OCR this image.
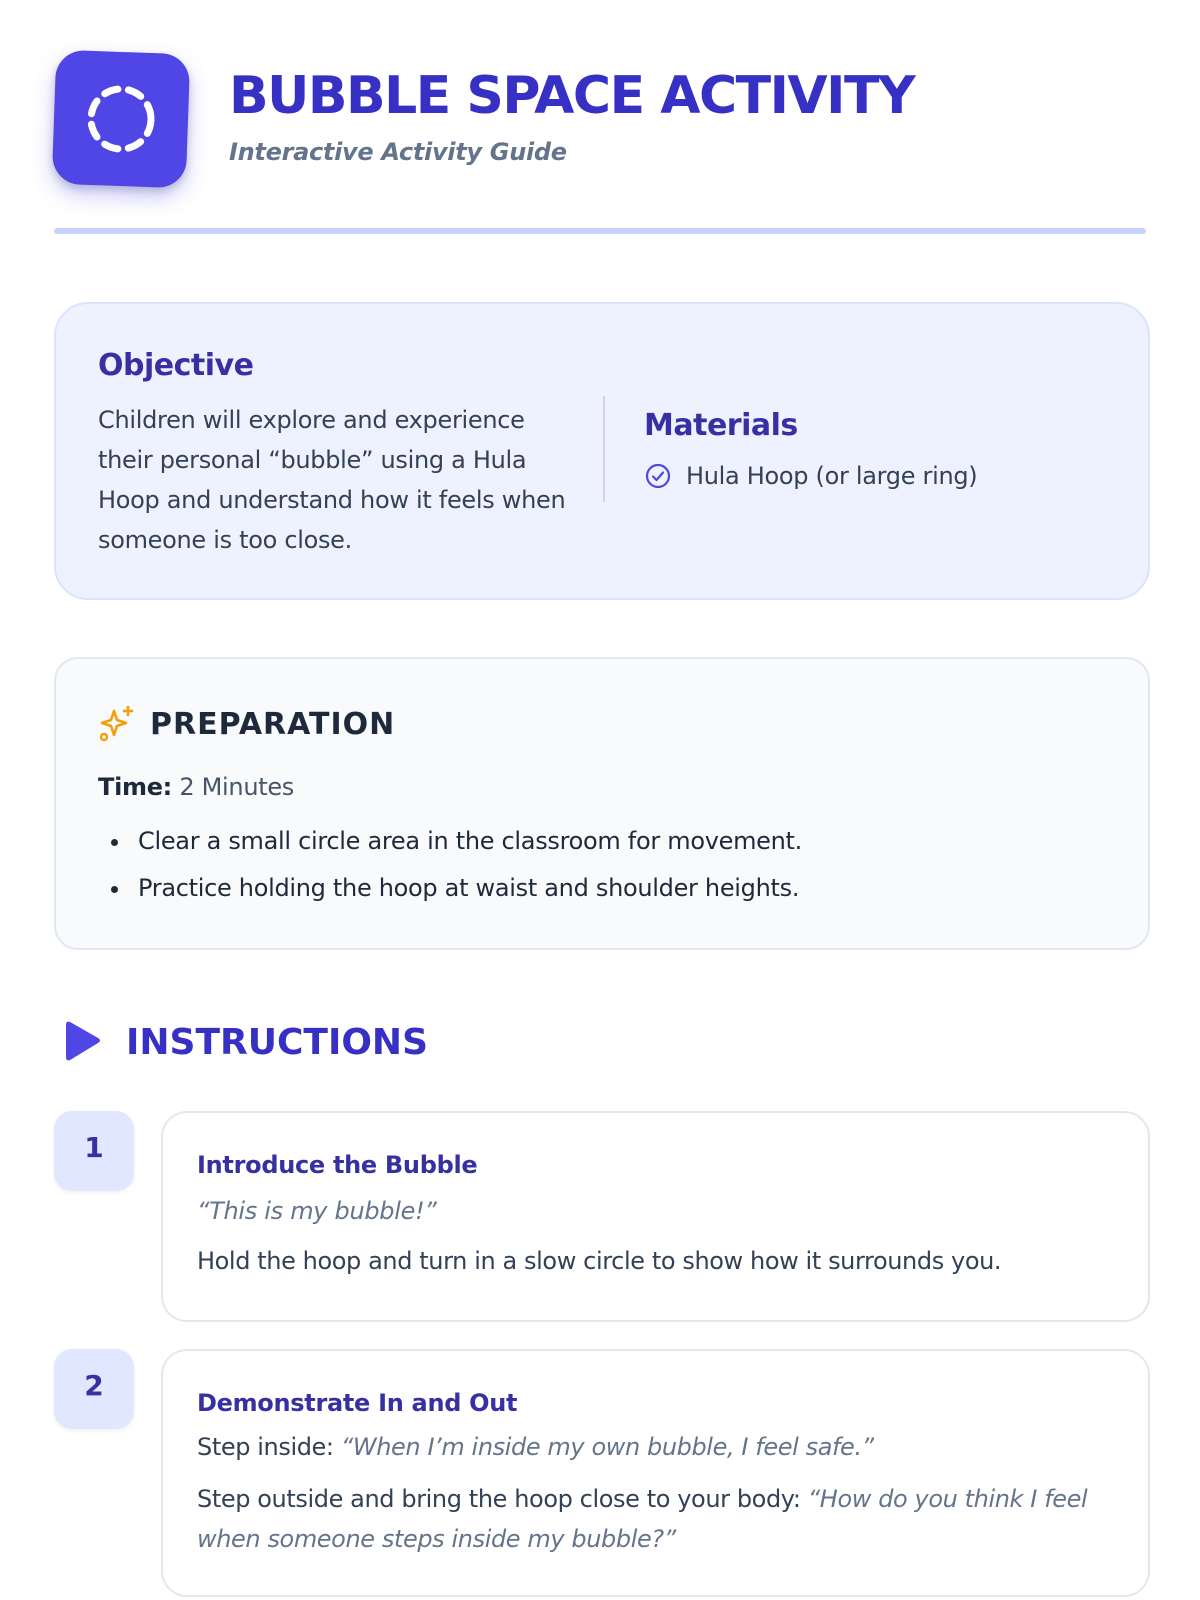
BUBBLE SPACE ACTIVITY
Interactive Activity Guide
Objective
Children will explore and experience their personal “bubble” using a Hula Hoop and understand how it feels when someone is too close.
Materials
Hula Hoop (or large ring)
PREPARATION
Time: 2 Minutes
Clear a small circle area in the classroom for movement.
Practice holding the hoop at waist and shoulder heights.
INSTRUCTIONS
1
Introduce the Bubble
“This is my bubble!”
Hold the hoop and turn in a slow circle to show how it surrounds you.
2
Demonstrate In and Out
Step inside: “When I’m inside my own bubble, I feel safe.”
Step outside and bring the hoop close to your body: “How do you think I feel when someone steps inside my bubble?”
